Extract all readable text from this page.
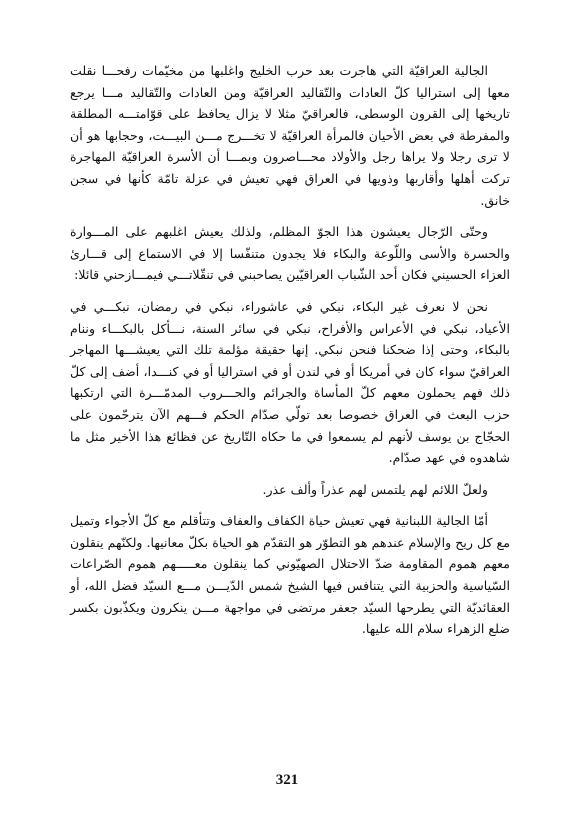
الجالية العراقيّة التي هاجرت بعد حرب الخليج واغلبها من مخيّمات رفحـــا نقلت معها إلى استراليا كلّ العادات والتّقاليد العراقيّة ومن العادات والتّقاليد مـــا يرجع تاريخها إلى القرون الوسطى، فالعراقيّ مثلا لا يزال يحافظ على قوّامتـــه المطلقة والمفرطة في بعض الأحيان فالمرأة العراقيّة لا تخـــرج مـــن البيـــت، وحجابها هو أن لا ترى رجلا ولا يراها رجل والأولاد محـــاصرون وبمـــا أن الأسرة العراقيّة المهاجرة تركت أهلها وأقاربها وذويها في العراق فهي تعيش في عزلة تامّة كأنها في سجن خانق.

وحتّى الرّجال يعيشون هذا الجوّ المظلم، ولذلك يعيش اغلبهم على المـــوارة والحسرة والأسى واللّوعة والبكاء فلا يجدون متنفّسا إلا في الاستماع إلى قـــارئ العزاء الحسيني فكان أحد الشّباب العراقيّين يصاحبني في تنقّلاتـــي فيمـــازحني قائلا:

نحن لا نعرف غير البكاء، نبكي في عاشوراء، نبكي في رمضان، نبكـــي في الأعياد، نبكي في الأعراس والأفراح، نبكي في سائر السنة، نـــأكل بالبكـــاء وننام بالبكاء، وحتى إذا ضحكنا فنحن نبكي. إنها حقيقة مؤلمة تلك التي يعيشـــها المهاجر العراقيّ سواء كان في أمريكا أو في لندن أو في استراليا أو في كنـــدا، أضف إلى كلّ ذلك فهم يحملون معهم كلّ المأساة والجرائم والحـــروب المدمّـــرة التي ارتكبها حزب البعث في العراق خصوصا بعد تولّي صدّام الحكم فـــهم الآن يترحّمون على الحجّاج بن يوسف لأنهم لم يسمعوا في ما حكاه التّاريخ عن فظائع هذا الأخير مثل ما شاهدوه في عهد صدّام.

ولعلّ اللائم لهم يلتمس لهم عذراً وألف عذر.

أمّا الجالية اللبنانية فهي تعيش حياة الكفاف والعفاف وتتأقلم مع كلّ الأجواء وتميل مع كل ريح والإسلام عندهم هو التطوّر هو التقدّم هو الحياة بكلّ معانيها. ولكنّهم ينقلون معهم هموم المقاومة ضدّ الاحتلال الصهيّوني كما ينقلون معـــــهم هموم الصّراعات السّياسية والحزبية التي يتنافس فيها الشيخ شمس الدّيـــن مـــع السيّد فضل الله، أو العقائديّة التي يطرحها السيّد جعفر مرتضى في مواجهة مـــن ينكرون ويكذّبون بكسر ضلع الزهراء سلام الله عليها.

321
